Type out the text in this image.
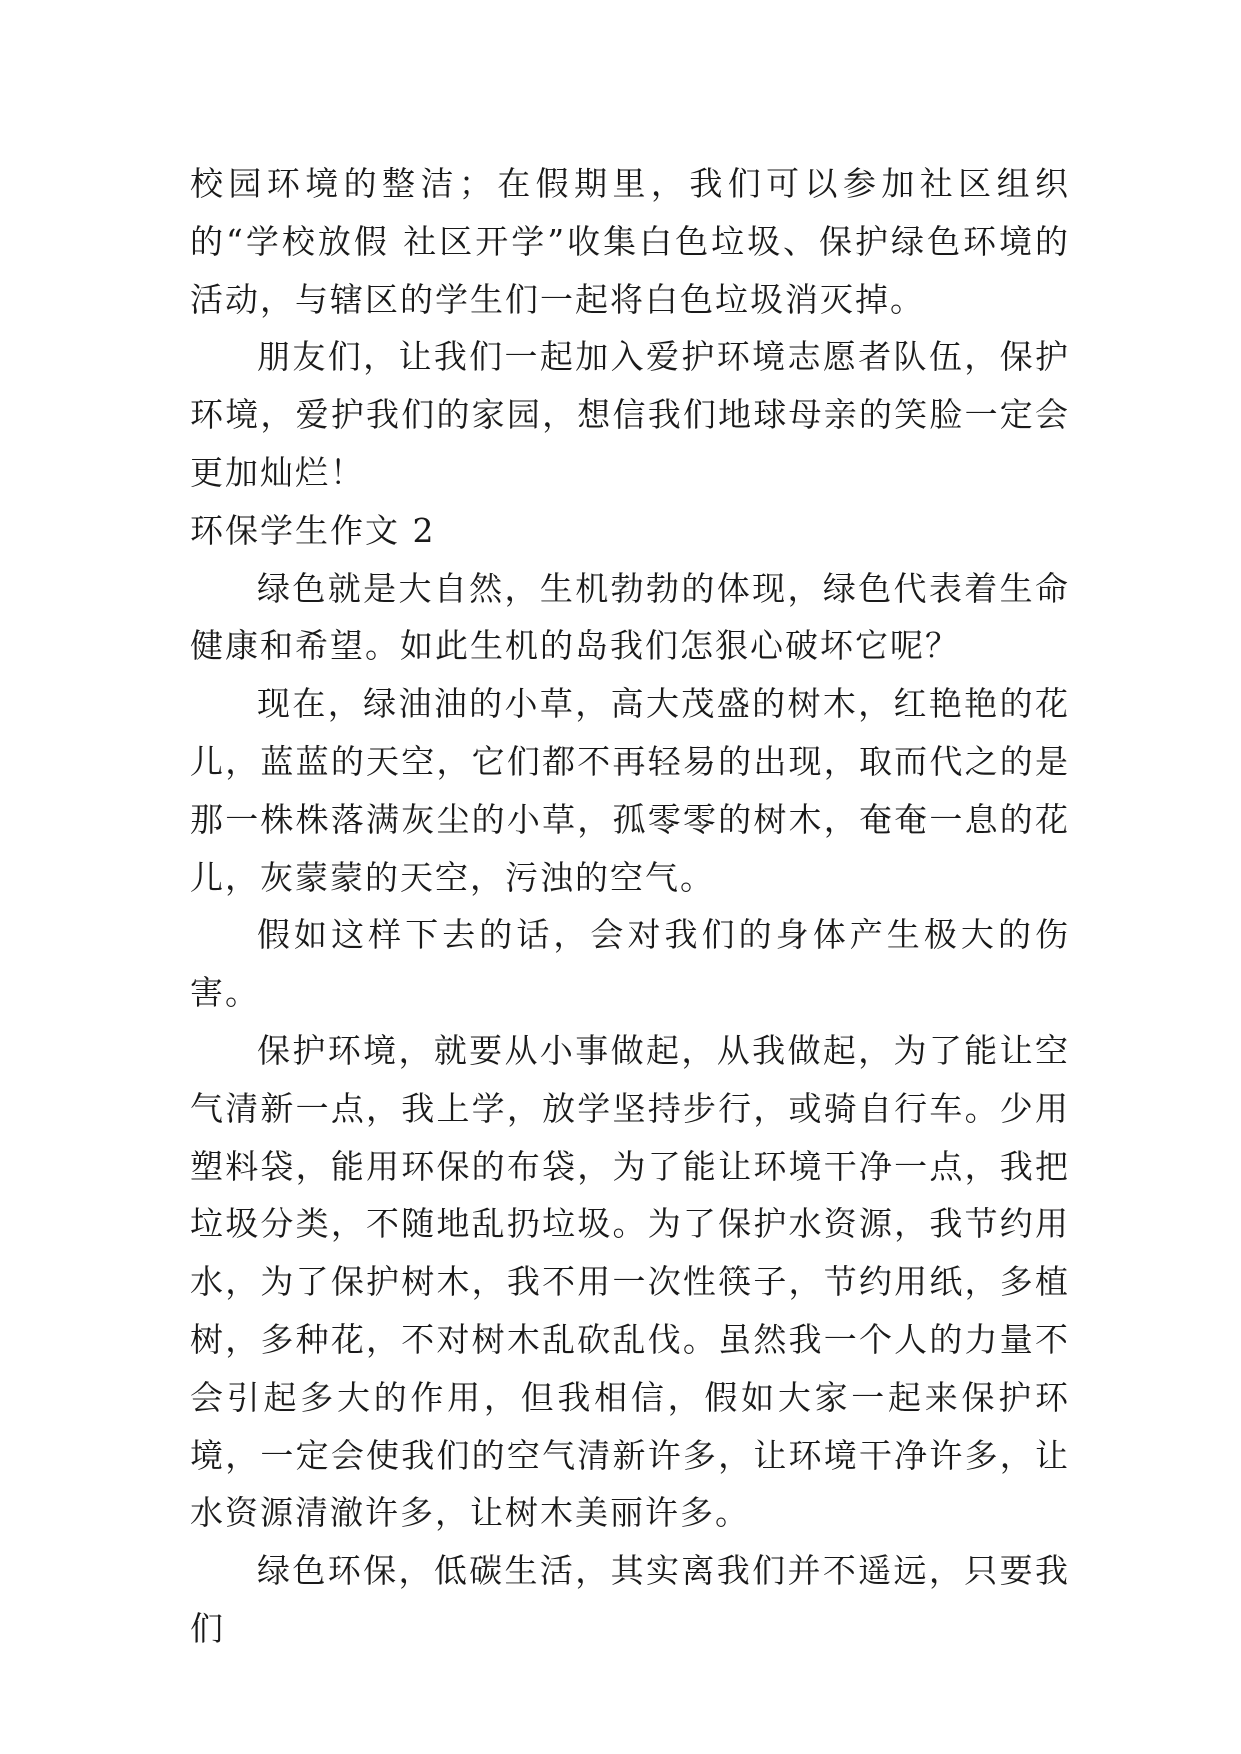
校园环境的整洁；在假期里，我们可以参加社区组织的“学校放假 社区开学”收集白色垃圾、保护绿色环境的活动，与辖区的学生们一起将白色垃圾消灭掉。

朋友们，让我们一起加入爱护环境志愿者队伍，保护环境，爱护我们的家园，想信我们地球母亲的笑脸一定会更加灿烂！

环保学生作文 2

绿色就是大自然，生机勃勃的体现，绿色代表着生命健康和希望。如此生机的岛我们怎狠心破坏它呢？

现在，绿油油的小草，高大茂盛的树木，红艳艳的花儿，蓝蓝的天空，它们都不再轻易的出现，取而代之的是那一株株落满灰尘的小草，孤零零的树木，奄奄一息的花儿，灰蒙蒙的天空，污浊的空气。

假如这样下去的话，会对我们的身体产生极大的伤害。

保护环境，就要从小事做起，从我做起，为了能让空气清新一点，我上学，放学坚持步行，或骑自行车。少用塑料袋，能用环保的布袋，为了能让环境干净一点，我把垃圾分类，不随地乱扔垃圾。为了保护水资源，我节约用水，为了保护树木，我不用一次性筷子，节约用纸，多植树，多种花，不对树木乱砍乱伐。虽然我一个人的力量不会引起多大的作用，但我相信，假如大家一起来保护环境，一定会使我们的空气清新许多，让环境干净许多，让水资源清澈许多，让树木美丽许多。

绿色环保，低碳生活，其实离我们并不遥远，只要我们
